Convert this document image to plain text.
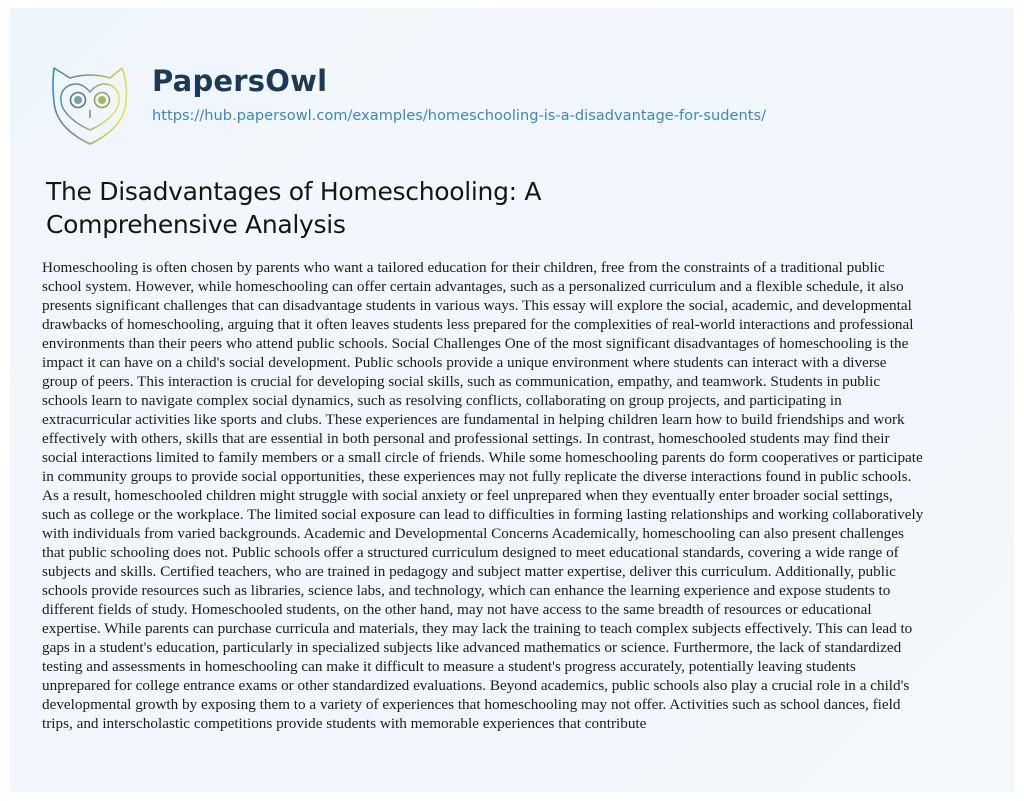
PapersOwl
https://hub.papersowl.com/examples/homeschooling-is-a-disadvantage-for-sudents/
The Disadvantages of Homeschooling: A
Comprehensive Analysis
Homeschooling is often chosen by parents who want a tailored education for their children, free from the constraints of a traditional public
school system. However, while homeschooling can offer certain advantages, such as a personalized curriculum and a flexible schedule, it also
presents significant challenges that can disadvantage students in various ways. This essay will explore the social, academic, and developmental
drawbacks of homeschooling, arguing that it often leaves students less prepared for the complexities of real-world interactions and professional
environments than their peers who attend public schools. Social Challenges One of the most significant disadvantages of homeschooling is the
impact it can have on a child's social development. Public schools provide a unique environment where students can interact with a diverse
group of peers. This interaction is crucial for developing social skills, such as communication, empathy, and teamwork. Students in public
schools learn to navigate complex social dynamics, such as resolving conflicts, collaborating on group projects, and participating in
extracurricular activities like sports and clubs. These experiences are fundamental in helping children learn how to build friendships and work
effectively with others, skills that are essential in both personal and professional settings. In contrast, homeschooled students may find their
social interactions limited to family members or a small circle of friends. While some homeschooling parents do form cooperatives or participate
in community groups to provide social opportunities, these experiences may not fully replicate the diverse interactions found in public schools.
As a result, homeschooled children might struggle with social anxiety or feel unprepared when they eventually enter broader social settings,
such as college or the workplace. The limited social exposure can lead to difficulties in forming lasting relationships and working collaboratively
with individuals from varied backgrounds. Academic and Developmental Concerns Academically, homeschooling can also present challenges
that public schooling does not. Public schools offer a structured curriculum designed to meet educational standards, covering a wide range of
subjects and skills. Certified teachers, who are trained in pedagogy and subject matter expertise, deliver this curriculum. Additionally, public
schools provide resources such as libraries, science labs, and technology, which can enhance the learning experience and expose students to
different fields of study. Homeschooled students, on the other hand, may not have access to the same breadth of resources or educational
expertise. While parents can purchase curricula and materials, they may lack the training to teach complex subjects effectively. This can lead to
gaps in a student's education, particularly in specialized subjects like advanced mathematics or science. Furthermore, the lack of standardized
testing and assessments in homeschooling can make it difficult to measure a student's progress accurately, potentially leaving students
unprepared for college entrance exams or other standardized evaluations. Beyond academics, public schools also play a crucial role in a child's
developmental growth by exposing them to a variety of experiences that homeschooling may not offer. Activities such as school dances, field
trips, and interscholastic competitions provide students with memorable experiences that contribute
